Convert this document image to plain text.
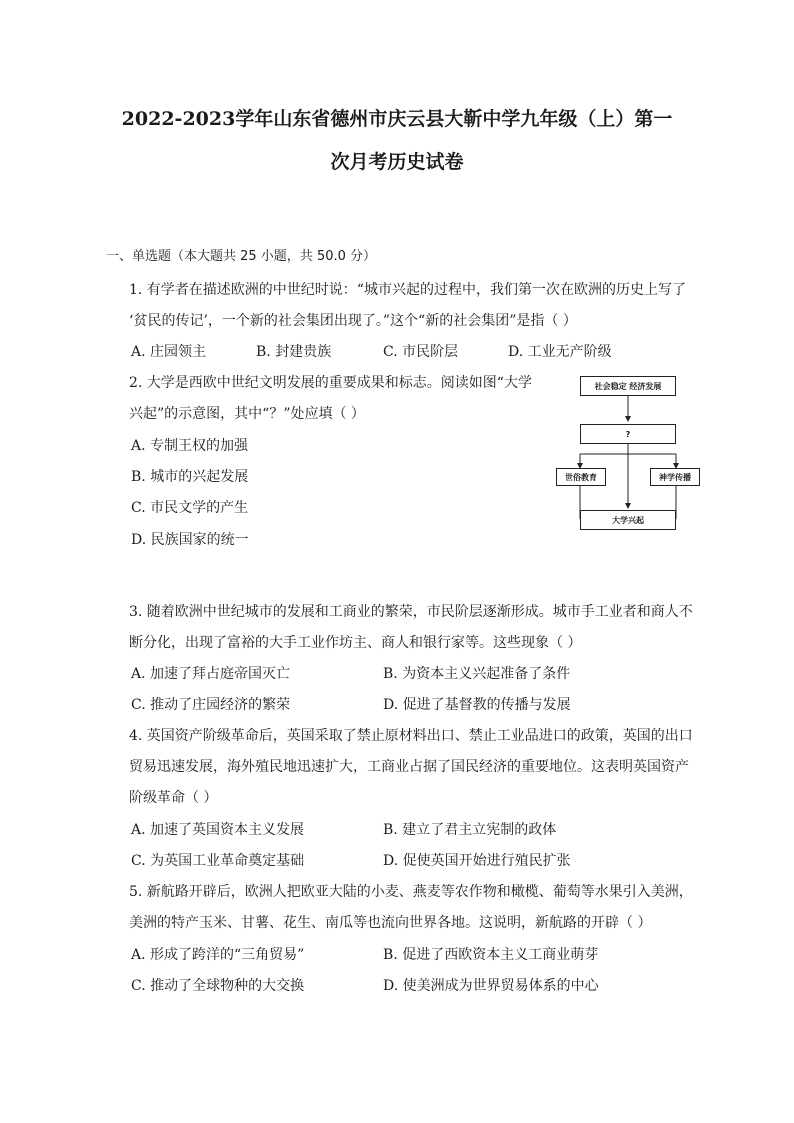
2022-2023学年山东省德州市庆云县大靳中学九年级（上）第一
次月考历史试卷
一、单选题（本大题共 25 小题，共 50.0 分）
1. 有学者在描述欧洲的中世纪时说：“城市兴起的过程中，我们第一次在欧洲的历史上写了
‘贫民的传记’，一个新的社会集团出现了。”这个“新的社会集团”是指（ ）
A. 庄园领主	B. 封建贵族	C. 市民阶层	D. 工业无产阶级
2. 大学是西欧中世纪文明发展的重要成果和标志。阅读如图“大学
兴起”的示意图，其中“？”处应填（ ）
A. 专制王权的加强
B. 城市的兴起发展
C. 市民文学的产生
D. 民族国家的统一
社会稳定 经济发展
?
世俗教育	神学传播
大学兴起
3. 随着欧洲中世纪城市的发展和工商业的繁荣，市民阶层逐渐形成。城市手工业者和商人不
断分化，出现了富裕的大手工业作坊主、商人和银行家等。这些现象（ ）
A. 加速了拜占庭帝国灭亡	B. 为资本主义兴起准备了条件
C. 推动了庄园经济的繁荣	D. 促进了基督教的传播与发展
4. 英国资产阶级革命后，英国采取了禁止原材料出口、禁止工业品进口的政策，英国的出口
贸易迅速发展，海外殖民地迅速扩大，工商业占据了国民经济的重要地位。这表明英国资产
阶级革命（ ）
A. 加速了英国资本主义发展	B. 建立了君主立宪制的政体
C. 为英国工业革命奠定基础	D. 促使英国开始进行殖民扩张
5. 新航路开辟后，欧洲人把欧亚大陆的小麦、燕麦等农作物和橄榄、葡萄等水果引入美洲，
美洲的特产玉米、甘薯、花生、南瓜等也流向世界各地。这说明，新航路的开辟（ ）
A. 形成了跨洋的“三角贸易”	B. 促进了西欧资本主义工商业萌芽
C. 推动了全球物种的大交换	D. 使美洲成为世界贸易体系的中心
